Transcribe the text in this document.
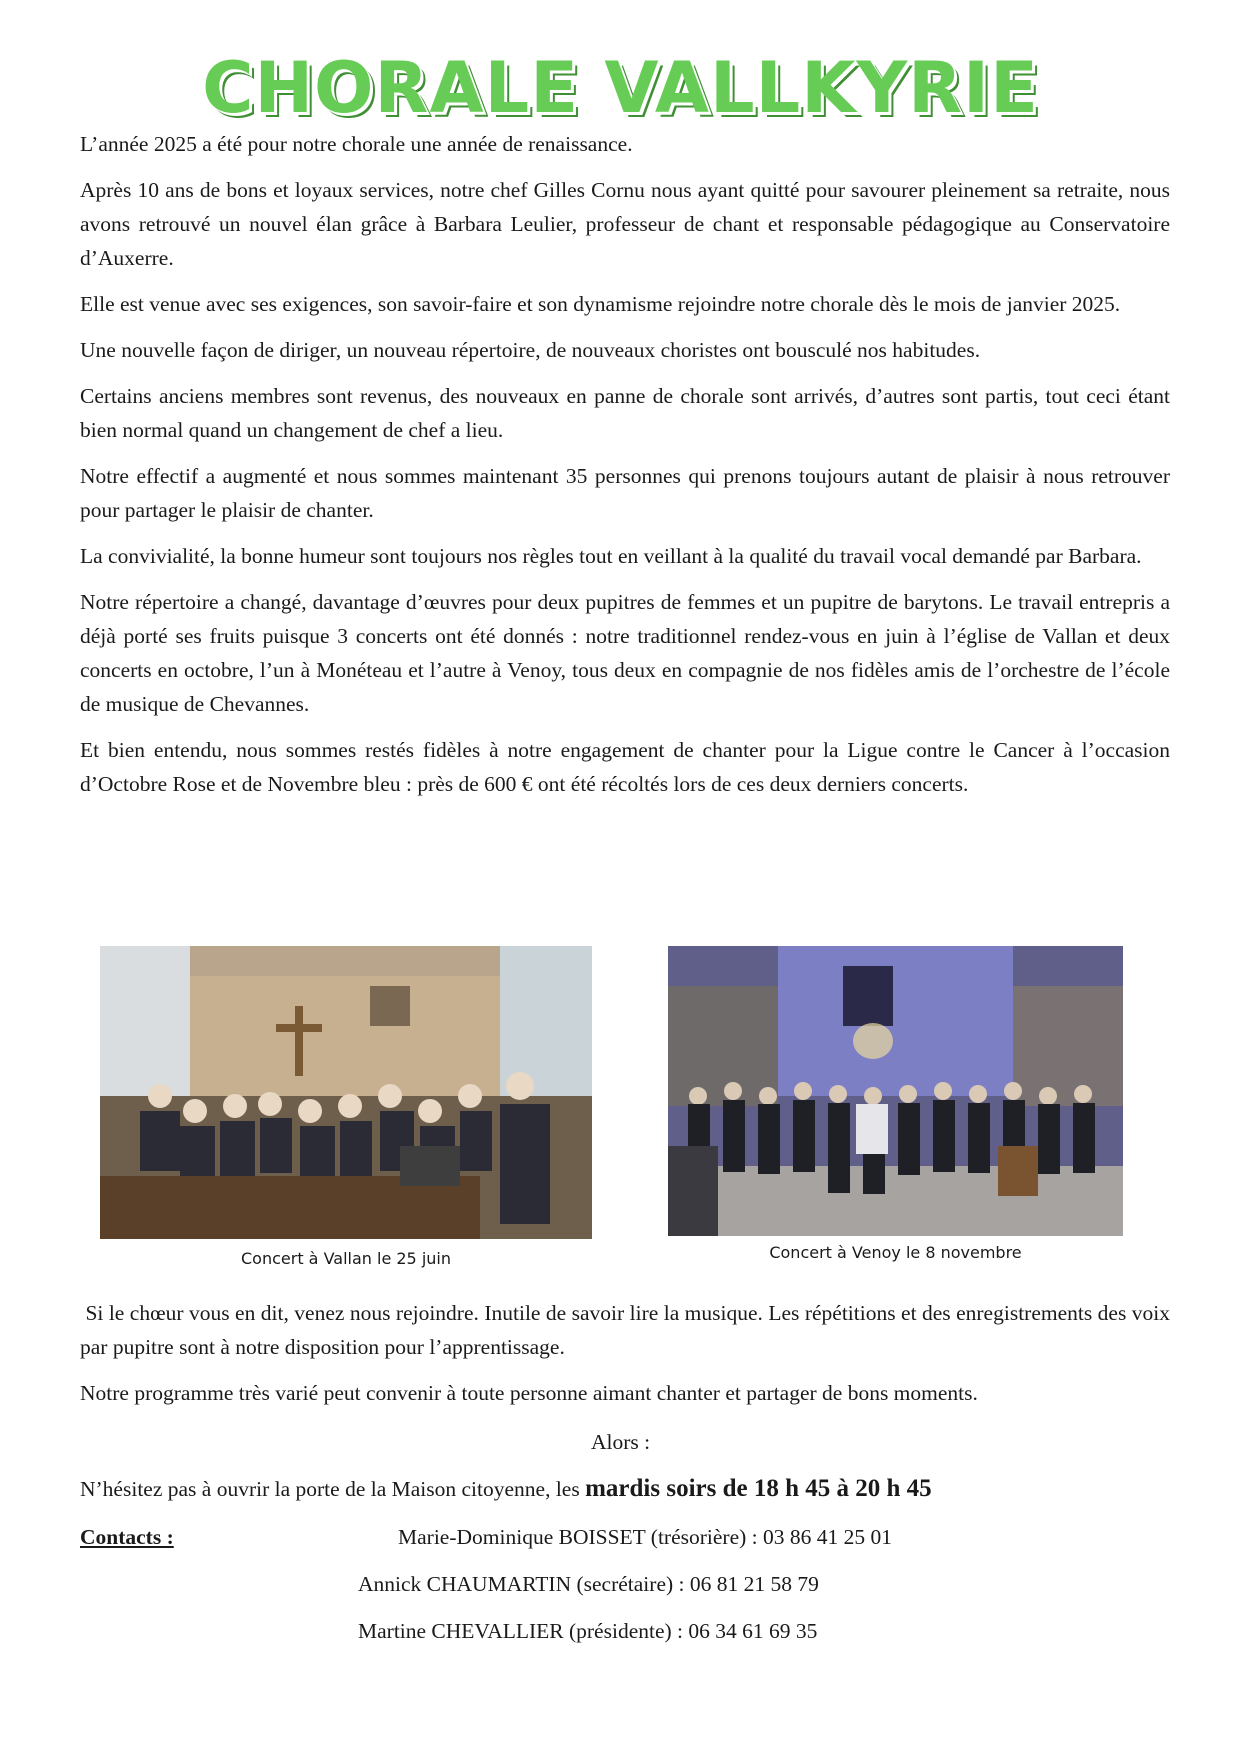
CHORALE VALLKYRIE

L’année 2025 a été pour notre chorale une année de renaissance.

Après 10 ans de bons et loyaux services, notre chef Gilles Cornu nous ayant quitté pour savourer pleinement sa retraite, nous avons retrouvé un nouvel élan grâce à Barbara Leulier, professeur de chant et responsable pédagogique au Conservatoire d’Auxerre.

Elle est venue avec ses exigences, son savoir-faire et son dynamisme rejoindre notre chorale dès le mois de janvier 2025.

Une nouvelle façon de diriger, un nouveau répertoire, de nouveaux choristes ont bousculé nos habitudes.

Certains anciens membres sont revenus, des nouveaux en panne de chorale sont arrivés, d’autres sont partis, tout ceci étant bien normal quand un changement de chef a lieu.

Notre effectif a augmenté et nous sommes maintenant 35 personnes qui prenons toujours autant de plaisir à nous retrouver pour partager le plaisir de chanter.

La convivialité, la bonne humeur sont toujours nos règles tout en veillant à la qualité du travail vocal demandé par Barbara.

Notre répertoire a changé, davantage d’œuvres pour deux pupitres de femmes et un pupitre de barytons. Le travail entrepris a déjà porté ses fruits puisque 3 concerts ont été donnés : notre traditionnel rendez-vous en juin à l’église de Vallan et deux concerts en octobre, l’un à Monéteau et l’autre à Venoy, tous deux en compagnie de nos fidèles amis de l’orchestre de l’école de musique de Chevannes.

Et bien entendu, nous sommes restés fidèles à notre engagement de chanter pour la Ligue contre le Cancer à l’occasion d’Octobre Rose et de Novembre bleu : près de 600 € ont été récoltés lors de ces deux derniers concerts.

Concert à Vallan le 25 juin	Concert à Venoy le 8 novembre

Si le chœur vous en dit, venez nous rejoindre. Inutile de savoir lire la musique. Les répétitions et des enregistrements des voix par pupitre sont à notre disposition pour l’apprentissage.

Notre programme très varié peut convenir à toute personne aimant chanter et partager de bons moments.

Alors :
N’hésitez pas à ouvrir la porte de la Maison citoyenne, les mardis soirs de 18 h 45 à 20 h 45
Contacts :	Marie-Dominique BOISSET (trésorière) : 03 86 41 25 01
Annick CHAUMARTIN (secrétaire) : 06 81 21 58 79
Martine CHEVALLIER (présidente) : 06 34 61 69 35
